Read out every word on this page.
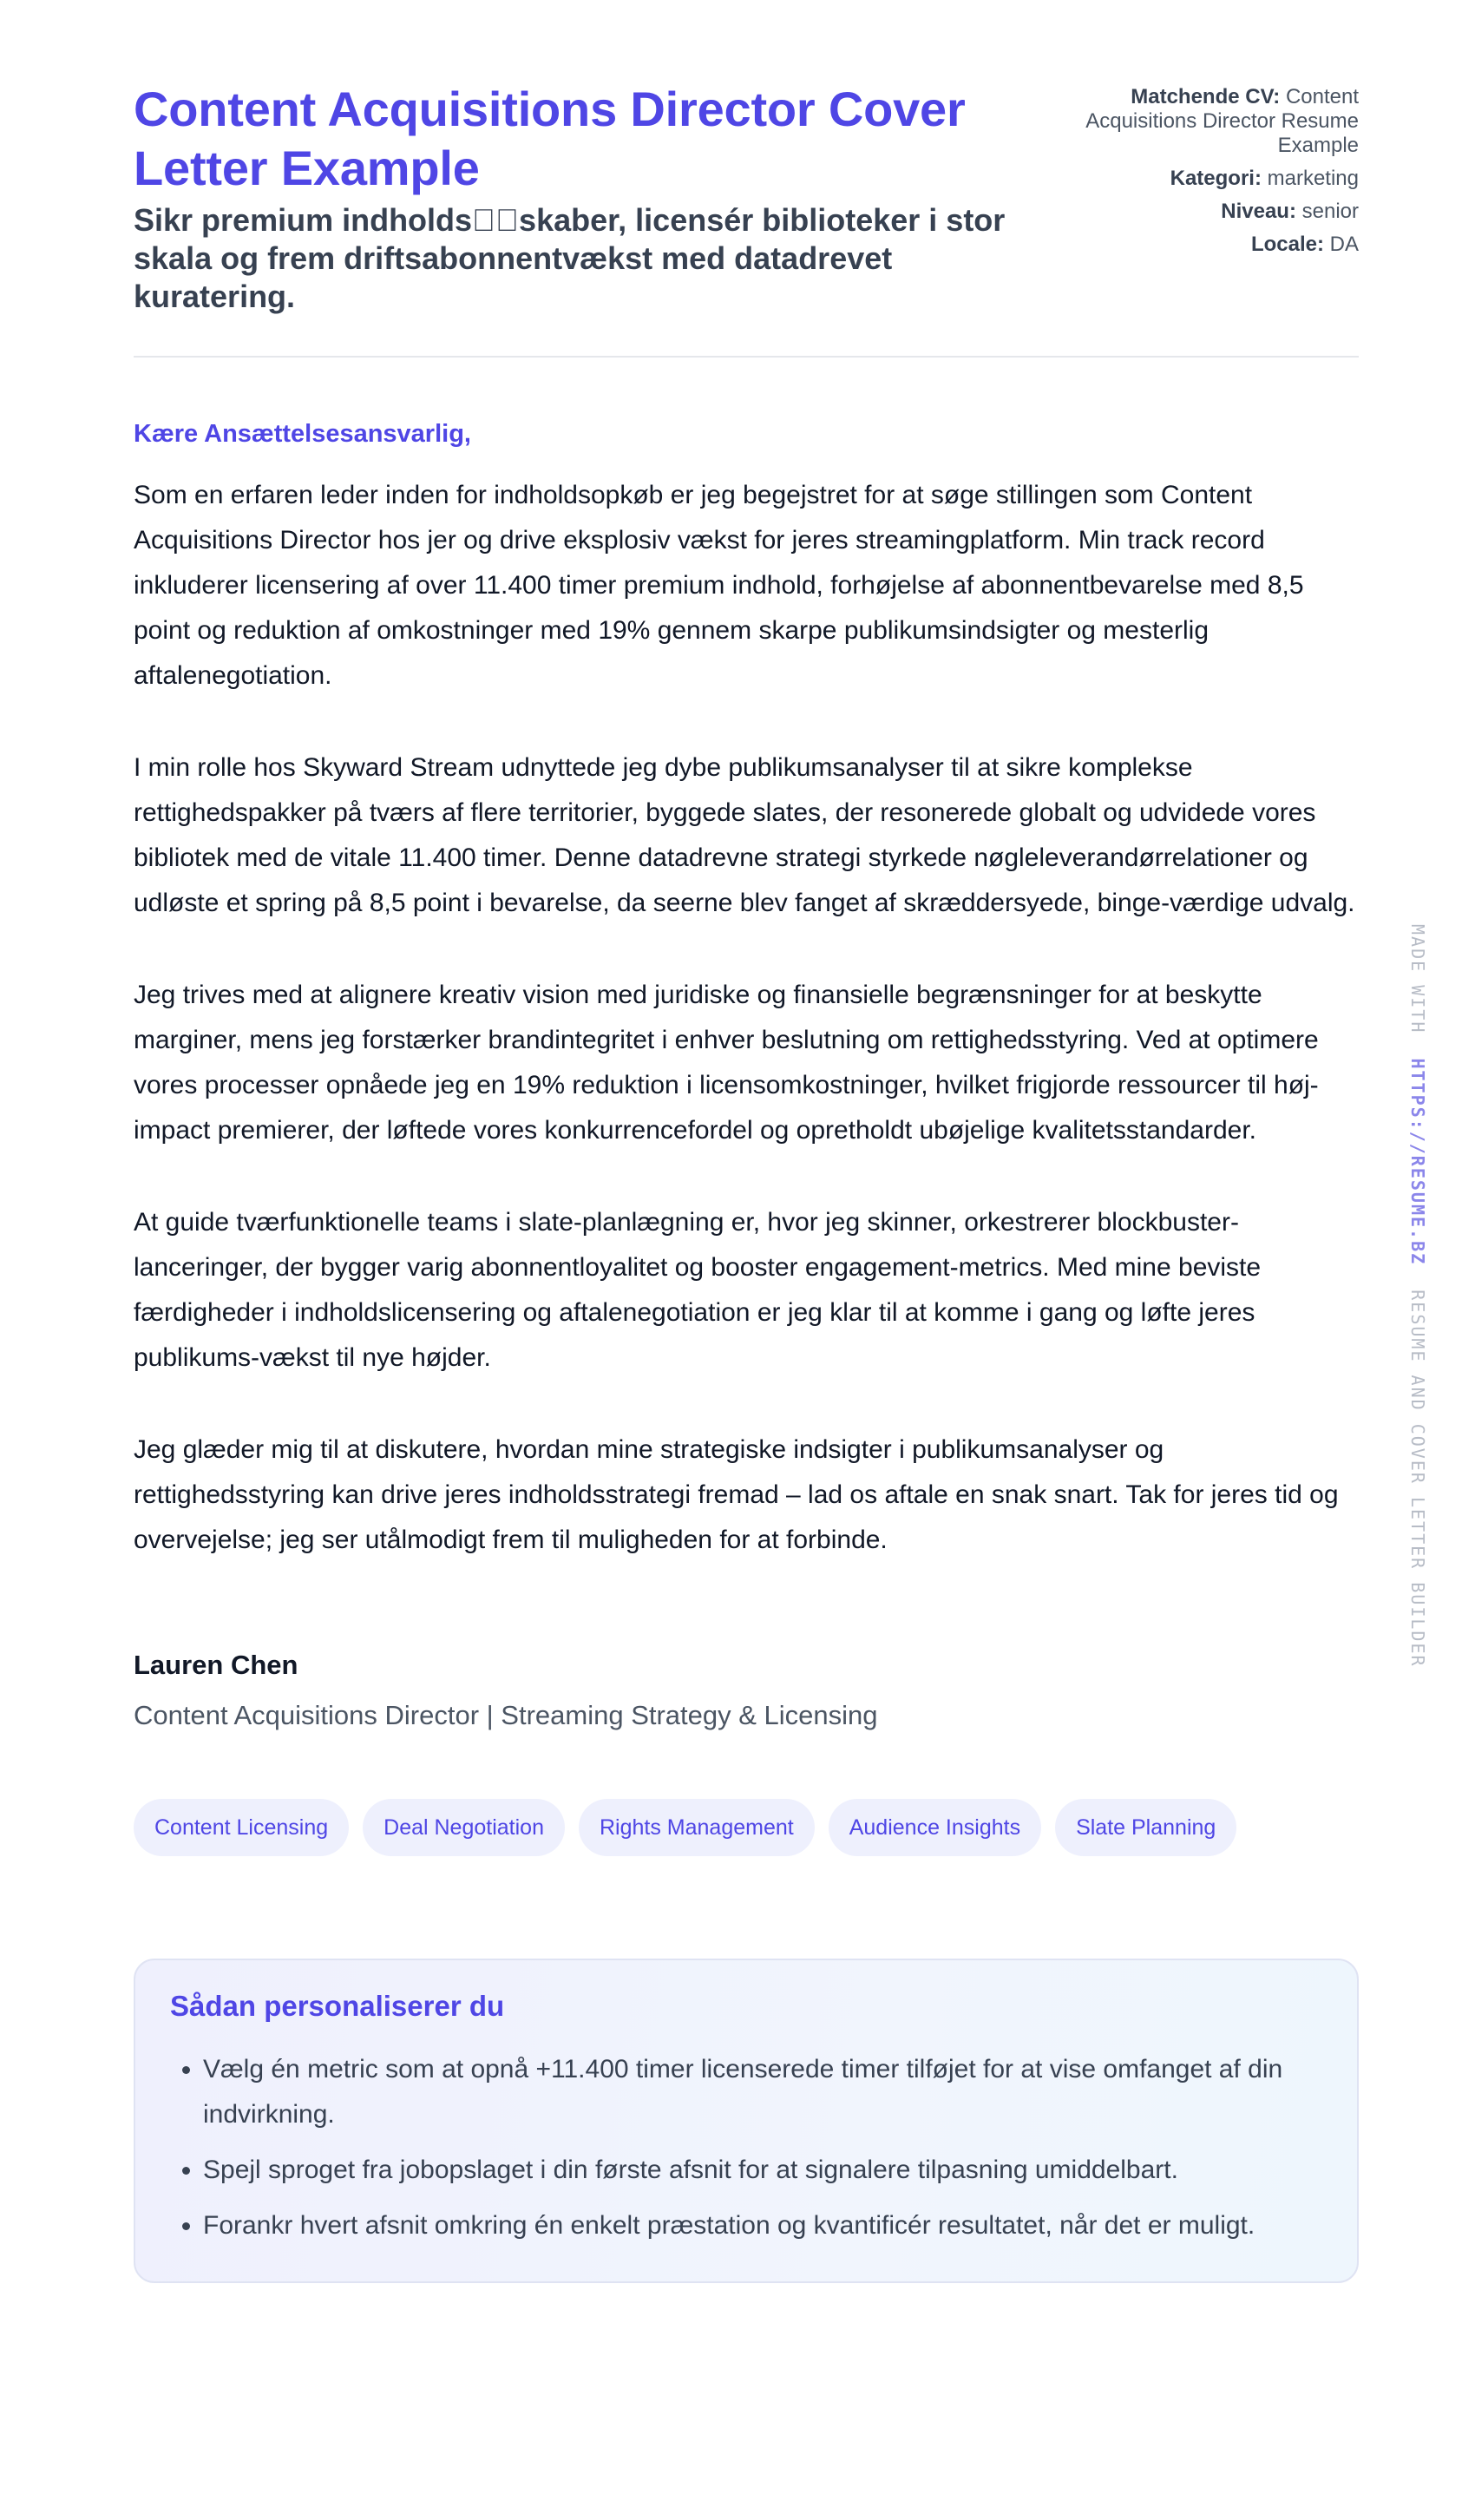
Content Acquisitions Director Cover Letter Example
Sikr premium indholds  skaber, licensér biblioteker i stor skala og frem driftsabonnentvækst med datadrevet kuratering.
Matchende CV: Content Acquisitions Director Resume Example
Kategori: marketing
Niveau: senior
Locale: DA

Kære Ansættelsesansvarlig,

Som en erfaren leder inden for indholdsopkøb er jeg begejstret for at søge stillingen som Content Acquisitions Director hos jer og drive eksplosiv vækst for jeres streamingplatform. Min track record inkluderer licensering af over 11.400 timer premium indhold, forhøjelse af abonnentbevarelse med 8,5 point og reduktion af omkostninger med 19% gennem skarpe publikumsindsigter og mesterlig aftalenegotiation.

I min rolle hos Skyward Stream udnyttede jeg dybe publikumsanalyser til at sikre komplekse rettighedspakker på tværs af flere territorier, byggede slates, der resonerede globalt og udvidede vores bibliotek med de vitale 11.400 timer. Denne datadrevne strategi styrkede nøgleleverandørrelationer og udløste et spring på 8,5 point i bevarelse, da seerne blev fanget af skræddersyede, binge-værdige udvalg.

Jeg trives med at alignere kreativ vision med juridiske og finansielle begrænsninger for at beskytte marginer, mens jeg forstærker brandintegritet i enhver beslutning om rettighedsstyring. Ved at optimere vores processer opnåede jeg en 19% reduktion i licensomkostninger, hvilket frigjorde ressourcer til høj-impact premierer, der løftede vores konkurrencefordel og opretholdt ubøjelige kvalitetsstandarder.

At guide tværfunktionelle teams i slate-planlægning er, hvor jeg skinner, orkestrerer blockbuster-lanceringer, der bygger varig abonnentloyalitet og booster engagement-metrics. Med mine beviste færdigheder i indholdslicensering og aftalenegotiation er jeg klar til at komme i gang og løfte jeres publikums-vækst til nye højder.

Jeg glæder mig til at diskutere, hvordan mine strategiske indsigter i publikumsanalyser og rettighedsstyring kan drive jeres indholdsstrategi fremad – lad os aftale en snak snart. Tak for jeres tid og overvejelse; jeg ser utålmodigt frem til muligheden for at forbinde.

Lauren Chen

Content Acquisitions Director | Streaming Strategy & Licensing

Content Licensing	Deal Negotiation	Rights Management	Audience Insights	Slate Planning
Sådan personaliserer du
• Vælg én metric som at opnå +11.400 timer licenserede timer tilføjet for at vise omfanget af din indvirkning.
• Spejl sproget fra jobopslaget i din første afsnit for at signalere tilpasning umiddelbart.
• Forankr hvert afsnit omkring én enkelt præstation og kvantificér resultatet, når det er muligt.
MADE WITH  HTTPS://RESUME.BZ  RESUME AND COVER LETTER BUILDER
